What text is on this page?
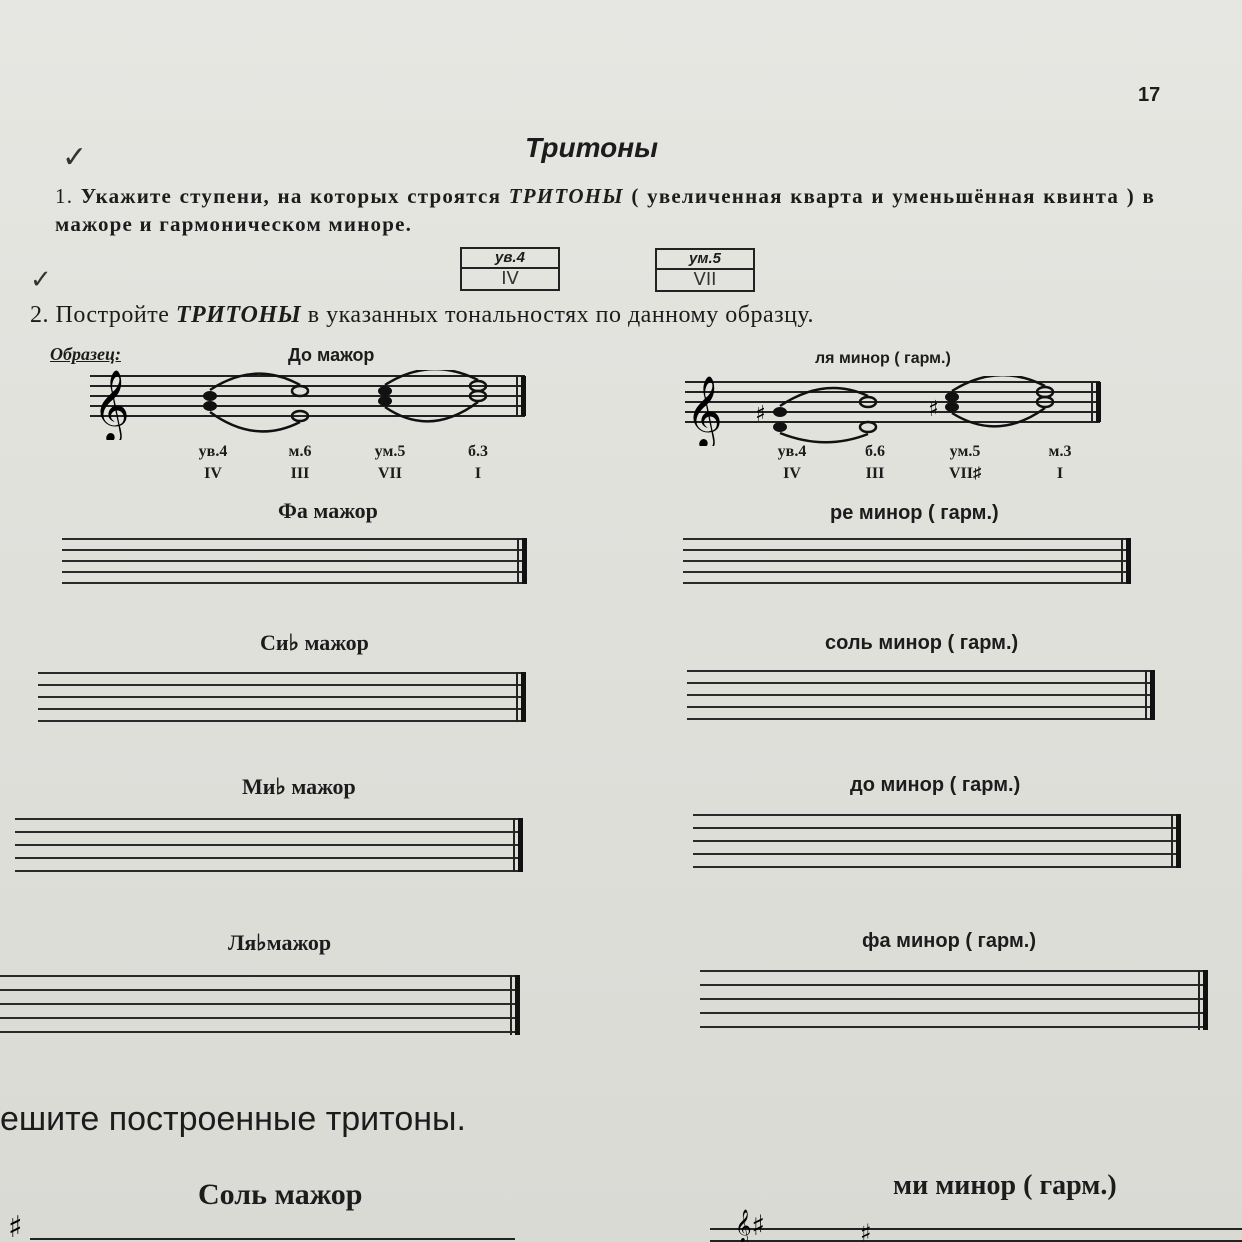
17
Тритоны
✓
✓
1. Укажите ступени, на которых строятся ТРИТОНЫ ( увеличенная кварта и уменьшённая квинта ) в мажоре и гармоническом миноре.
ув.4
IV
ум.5
VII
2. Постройте ТРИТОНЫ в указанных тональностях по данному образцу.
Образец:	До мажор	ля минор ( гарм.)
𝄞	𝄞 ♯	♯
ув.4	м.6	ум.5	б.3
IV	III	VII	I
ув.4	б.6	ум.5	м.3
IV	III	VII♯	I
Фа мажор	ре минор ( гарм.)
Си♭ мажор	соль минор ( гарм.)
Ми♭ мажор	до минор ( гарм.)
Ля♭мажор	фа минор ( гарм.)
ешите построенные тритоны.
Соль мажор	ми минор ( гарм.)
♯	𝄞♯	♯
